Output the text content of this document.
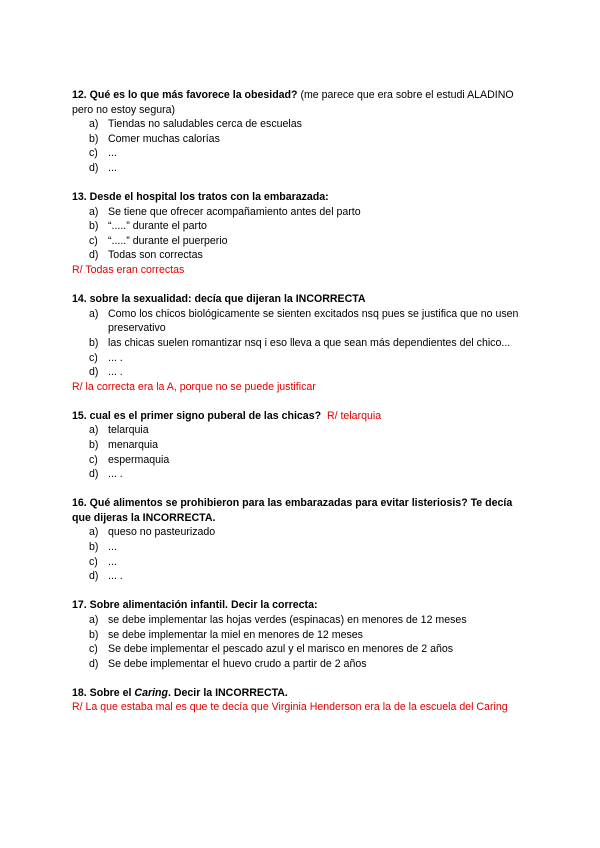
12. Qué es lo que más favorece la obesidad? (me parece que era sobre el estudi ALADINO pero no estoy segura)
a) Tiendas no saludables cerca de escuelas
b) Comer muchas calorías
c) ...
d) ...
13. Desde el hospital los tratos con la embarazada:
a) Se tiene que ofrecer acompañamiento antes del parto
b) “.....” durante el parto
c) “.....” durante el puerperio
d) Todas son correctas
R/ Todas eran correctas
14. sobre la sexualidad: decía que dijeran la INCORRECTA
a) Como los chicos biológicamente se sienten excitados nsq pues se justifica que no usen preservativo
b) las chicas suelen romantizar nsq i eso lleva a que sean más dependientes del chico...
c) ... .
d) ... .
R/ la correcta era la A, porque no se puede justificar
15. cual es el primer signo puberal de las chicas? R/ telarquia
a) telarquia
b) menarquia
c) espermaquia
d) ... .
16. Qué alimentos se prohibieron para las embarazadas para evitar listeriosis? Te decía que dijeras la INCORRECTA.
a) queso no pasteurizado
b) ...
c) ...
d) ... .
17. Sobre alimentación infantil. Decir la correcta:
a) se debe implementar las hojas verdes (espinacas) en menores de 12 meses
b) se debe implementar la miel en menores de 12 meses
c) Se debe implementar el pescado azul y el marisco en menores de 2 años
d) Se debe implementar el huevo crudo a partir de 2 años
18. Sobre el Caring. Decir la INCORRECTA.
R/ La que estaba mal es que te decía que Virginia Henderson era la de la escuela del Caring
